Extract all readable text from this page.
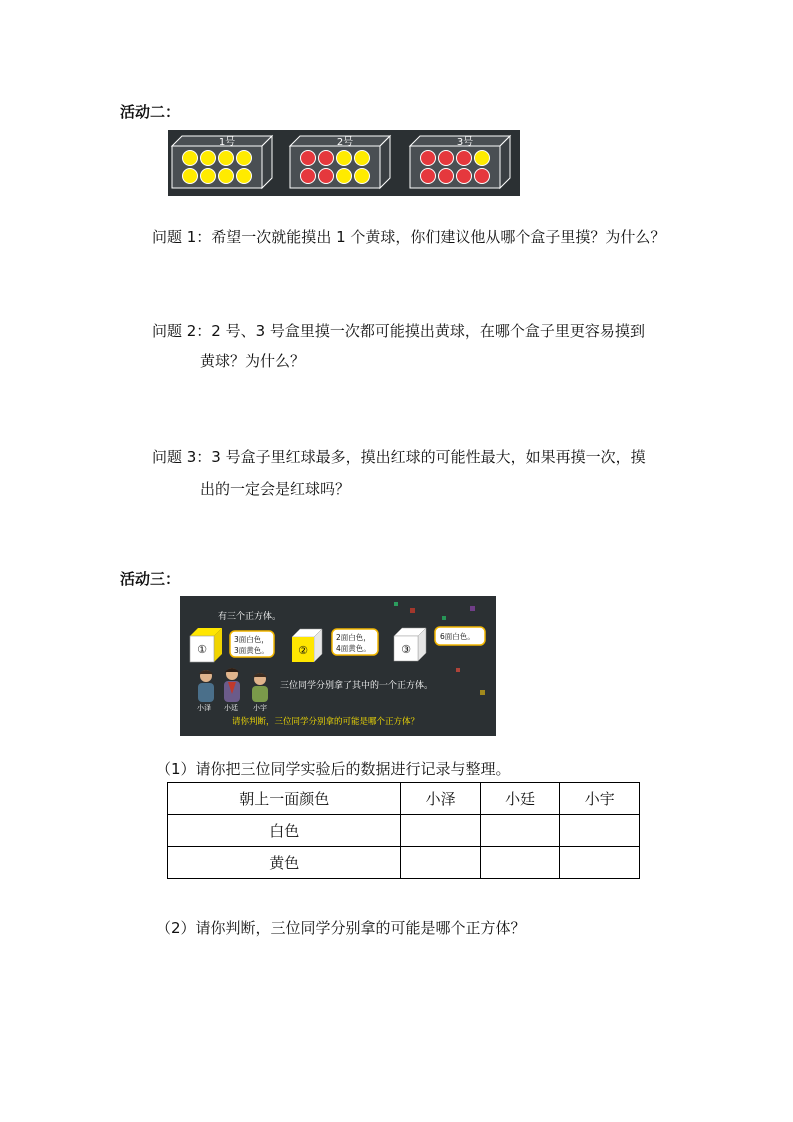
活动二：
1号	2号	3号
问题 1：希望一次就能摸出 1 个黄球，你们建议他从哪个盒子里摸？为什么？
问题 2：2 号、3 号盒里摸一次都可能摸出黄球，在哪个盒子里更容易摸到
黄球？为什么？
问题 3：3 号盒子里红球最多，摸出红球的可能性最大，如果再摸一次，摸
出的一定会是红球吗？
活动三：
有三个正方体。
①
3面白色，
3面黄色。	②
2面白色，
4面黄色。	③
6面白色。
小泽 小廷 小宇
三位同学分别拿了其中的一个正方体。
请你判断，三位同学分别拿的可能是哪个正方体？
（1）请你把三位同学实验后的数据进行记录与整理。
朝上一面颜色	小泽	小廷	小宇
白色			
黄色			
（2）请你判断，三位同学分别拿的可能是哪个正方体？
